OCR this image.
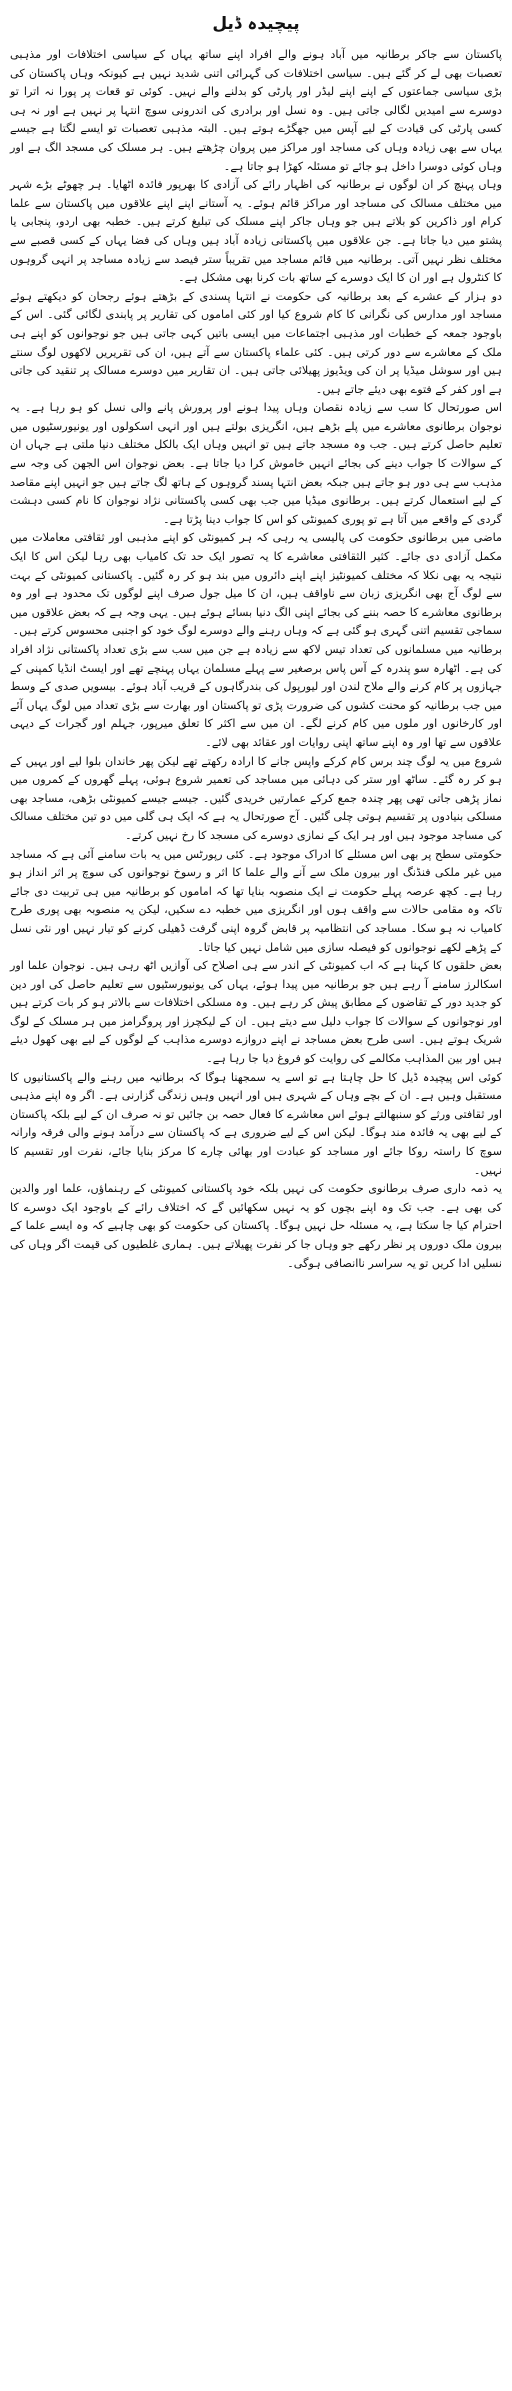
پیچیدہ ڈیل

پاکستان سے جاکر برطانیہ میں آباد ہونے والے افراد اپنے ساتھ یہاں کے سیاسی اختلافات اور مذہبی تعصبات بھی لے کر گئے ہیں۔ سیاسی اختلافات کی گہرائی اتنی شدید نہیں ہے کیونکہ وہاں پاکستان کی بڑی سیاسی جماعتوں کے اپنے اپنے لیڈر اور پارٹی کو بدلنے والے نہیں۔ کوئی تو قعات پر پورا نہ اترا تو دوسرے سے امیدیں لگالی جاتی ہیں۔ وہ نسل اور برادری کی اندرونی سوچ انتہا پر نہیں ہے اور نہ ہی کسی پارٹی کی قیادت کے لیے آپس میں جھگڑے ہوتے ہیں۔ البتہ مذہبی تعصبات تو ایسے لگتا ہے جیسے یہاں سے بھی زیادہ وہاں کی مساجد اور مراکز میں پروان چڑھتے ہیں۔ ہر مسلک کی مسجد الگ ہے اور وہاں کوئی دوسرا داخل ہو جائے تو مسئلہ کھڑا ہو جاتا ہے۔

وہاں پہنچ کر ان لوگوں نے برطانیہ کی اظہار رائے کی آزادی کا بھرپور فائدہ اٹھایا۔ ہر چھوٹے بڑے شہر میں مختلف مسالک کی مساجد اور مراکز قائم ہوئے۔ یہ آستانے اپنے اپنے علاقوں میں پاکستان سے علما کرام اور ذاکرین کو بلاتے ہیں جو وہاں جاکر اپنے مسلک کی تبلیغ کرتے ہیں۔ خطبہ بھی اردو، پنجابی یا پشتو میں دیا جاتا ہے۔ جن علاقوں میں پاکستانی زیادہ آباد ہیں وہاں کی فضا یہاں کے کسی قصبے سے مختلف نظر نہیں آتی۔ برطانیہ میں قائم مساجد میں تقریباً ستر فیصد سے زیادہ مساجد پر انہی گروہوں کا کنٹرول ہے اور ان کا ایک دوسرے کے ساتھ بات کرنا بھی مشکل ہے۔

دو ہزار کے عشرے کے بعد برطانیہ کی حکومت نے انتہا پسندی کے بڑھتے ہوئے رجحان کو دیکھتے ہوئے مساجد اور مدارس کی نگرانی کا کام شروع کیا اور کئی اماموں کی تقاریر پر پابندی لگائی گئی۔ اس کے باوجود جمعہ کے خطبات اور مذہبی اجتماعات میں ایسی باتیں کہی جاتی ہیں جو نوجوانوں کو اپنے ہی ملک کے معاشرے سے دور کرتی ہیں۔ کئی علماء پاکستان سے آتے ہیں، ان کی تقریریں لاکھوں لوگ سنتے ہیں اور سوشل میڈیا پر ان کی ویڈیوز پھیلائی جاتی ہیں۔ ان تقاریر میں دوسرے مسالک پر تنقید کی جاتی ہے اور کفر کے فتوے بھی دیئے جاتے ہیں۔

اس صورتحال کا سب سے زیادہ نقصان وہاں پیدا ہونے اور پرورش پانے والی نسل کو ہو رہا ہے۔ یہ نوجوان برطانوی معاشرے میں پلے بڑھے ہیں، انگریزی بولتے ہیں اور انہی اسکولوں اور یونیورسٹیوں میں تعلیم حاصل کرتے ہیں۔ جب وہ مسجد جاتے ہیں تو انہیں وہاں ایک بالکل مختلف دنیا ملتی ہے جہاں ان کے سوالات کا جواب دینے کی بجائے انہیں خاموش کرا دیا جاتا ہے۔ بعض نوجوان اس الجھن کی وجہ سے مذہب سے ہی دور ہو جاتے ہیں جبکہ بعض انتہا پسند گروہوں کے ہاتھ لگ جاتے ہیں جو انہیں اپنے مقاصد کے لیے استعمال کرتے ہیں۔ برطانوی میڈیا میں جب بھی کسی پاکستانی نژاد نوجوان کا نام کسی دہشت گردی کے واقعے میں آتا ہے تو پوری کمیونٹی کو اس کا جواب دینا پڑتا ہے۔

ماضی میں برطانوی حکومت کی پالیسی یہ رہی کہ ہر کمیونٹی کو اپنے مذہبی اور ثقافتی معاملات میں مکمل آزادی دی جائے۔ کثیر الثقافتی معاشرے کا یہ تصور ایک حد تک کامیاب بھی رہا لیکن اس کا ایک نتیجہ یہ بھی نکلا کہ مختلف کمیونٹیز اپنے اپنے دائروں میں بند ہو کر رہ گئیں۔ پاکستانی کمیونٹی کے بہت سے لوگ آج بھی انگریزی زبان سے ناواقف ہیں، ان کا میل جول صرف اپنے لوگوں تک محدود ہے اور وہ برطانوی معاشرے کا حصہ بننے کی بجائے اپنی الگ دنیا بسائے ہوئے ہیں۔ یہی وجہ ہے کہ بعض علاقوں میں سماجی تقسیم اتنی گہری ہو گئی ہے کہ وہاں رہنے والے دوسرے لوگ خود کو اجنبی محسوس کرتے ہیں۔

برطانیہ میں مسلمانوں کی تعداد تیس لاکھ سے زیادہ ہے جن میں سب سے بڑی تعداد پاکستانی نژاد افراد کی ہے۔ اٹھارہ سو پندرہ کے آس پاس برصغیر سے پہلے مسلمان یہاں پہنچے تھے اور ایسٹ انڈیا کمپنی کے جہازوں پر کام کرنے والے ملاح لندن اور لیورپول کی بندرگاہوں کے قریب آباد ہوئے۔ بیسویں صدی کے وسط میں جب برطانیہ کو محنت کشوں کی ضرورت پڑی تو پاکستان اور بھارت سے بڑی تعداد میں لوگ یہاں آئے اور کارخانوں اور ملوں میں کام کرنے لگے۔ ان میں سے اکثر کا تعلق میرپور، جہلم اور گجرات کے دیہی علاقوں سے تھا اور وہ اپنے ساتھ اپنی روایات اور عقائد بھی لائے۔

شروع میں یہ لوگ چند برس کام کرکے واپس جانے کا ارادہ رکھتے تھے لیکن پھر خاندان بلوا لیے اور یہیں کے ہو کر رہ گئے۔ ساٹھ اور ستر کی دہائی میں مساجد کی تعمیر شروع ہوئی، پہلے گھروں کے کمروں میں نماز پڑھی جاتی تھی پھر چندہ جمع کرکے عمارتیں خریدی گئیں۔ جیسے جیسے کمیونٹی بڑھی، مساجد بھی مسلکی بنیادوں پر تقسیم ہوتی چلی گئیں۔ آج صورتحال یہ ہے کہ ایک ہی گلی میں دو تین مختلف مسالک کی مساجد موجود ہیں اور ہر ایک کے نمازی دوسرے کی مسجد کا رخ نہیں کرتے۔

حکومتی سطح پر بھی اس مسئلے کا ادراک موجود ہے۔ کئی رپورٹس میں یہ بات سامنے آئی ہے کہ مساجد میں غیر ملکی فنڈنگ اور بیرون ملک سے آنے والے علما کا اثر و رسوخ نوجوانوں کی سوچ پر اثر انداز ہو رہا ہے۔ کچھ عرصہ پہلے حکومت نے ایک منصوبہ بنایا تھا کہ اماموں کو برطانیہ میں ہی تربیت دی جائے تاکہ وہ مقامی حالات سے واقف ہوں اور انگریزی میں خطبہ دے سکیں، لیکن یہ منصوبہ بھی پوری طرح کامیاب نہ ہو سکا۔ مساجد کی انتظامیہ پر قابض گروہ اپنی گرفت ڈھیلی کرنے کو تیار نہیں اور نئی نسل کے پڑھے لکھے نوجوانوں کو فیصلہ سازی میں شامل نہیں کیا جاتا۔

بعض حلقوں کا کہنا ہے کہ اب کمیونٹی کے اندر سے ہی اصلاح کی آوازیں اٹھ رہی ہیں۔ نوجوان علما اور اسکالرز سامنے آ رہے ہیں جو برطانیہ میں پیدا ہوئے، یہاں کی یونیورسٹیوں سے تعلیم حاصل کی اور دین کو جدید دور کے تقاضوں کے مطابق پیش کر رہے ہیں۔ وہ مسلکی اختلافات سے بالاتر ہو کر بات کرتے ہیں اور نوجوانوں کے سوالات کا جواب دلیل سے دیتے ہیں۔ ان کے لیکچرز اور پروگرامز میں ہر مسلک کے لوگ شریک ہوتے ہیں۔ اسی طرح بعض مساجد نے اپنے دروازے دوسرے مذاہب کے لوگوں کے لیے بھی کھول دیئے ہیں اور بین المذاہب مکالمے کی روایت کو فروغ دیا جا رہا ہے۔

کوئی اس پیچیدہ ڈیل کا حل چاہتا ہے تو اسے یہ سمجھنا ہوگا کہ برطانیہ میں رہنے والے پاکستانیوں کا مستقبل وہیں ہے۔ ان کے بچے وہاں کے شہری ہیں اور انہیں وہیں زندگی گزارنی ہے۔ اگر وہ اپنے مذہبی اور ثقافتی ورثے کو سنبھالتے ہوئے اس معاشرے کا فعال حصہ بن جائیں تو نہ صرف ان کے لیے بلکہ پاکستان کے لیے بھی یہ فائدہ مند ہوگا۔ لیکن اس کے لیے ضروری ہے کہ پاکستان سے درآمد ہونے والی فرقہ وارانہ سوچ کا راستہ روکا جائے اور مساجد کو عبادت اور بھائی چارے کا مرکز بنایا جائے، نفرت اور تقسیم کا نہیں۔

یہ ذمہ داری صرف برطانوی حکومت کی نہیں بلکہ خود پاکستانی کمیونٹی کے رہنماؤں، علما اور والدین کی بھی ہے۔ جب تک وہ اپنے بچوں کو یہ نہیں سکھائیں گے کہ اختلاف رائے کے باوجود ایک دوسرے کا احترام کیا جا سکتا ہے، یہ مسئلہ حل نہیں ہوگا۔ پاکستان کی حکومت کو بھی چاہیے کہ وہ ایسے علما کے بیرون ملک دوروں پر نظر رکھے جو وہاں جا کر نفرت پھیلاتے ہیں۔ ہماری غلطیوں کی قیمت اگر وہاں کی نسلیں ادا کریں تو یہ سراسر ناانصافی ہوگی۔
